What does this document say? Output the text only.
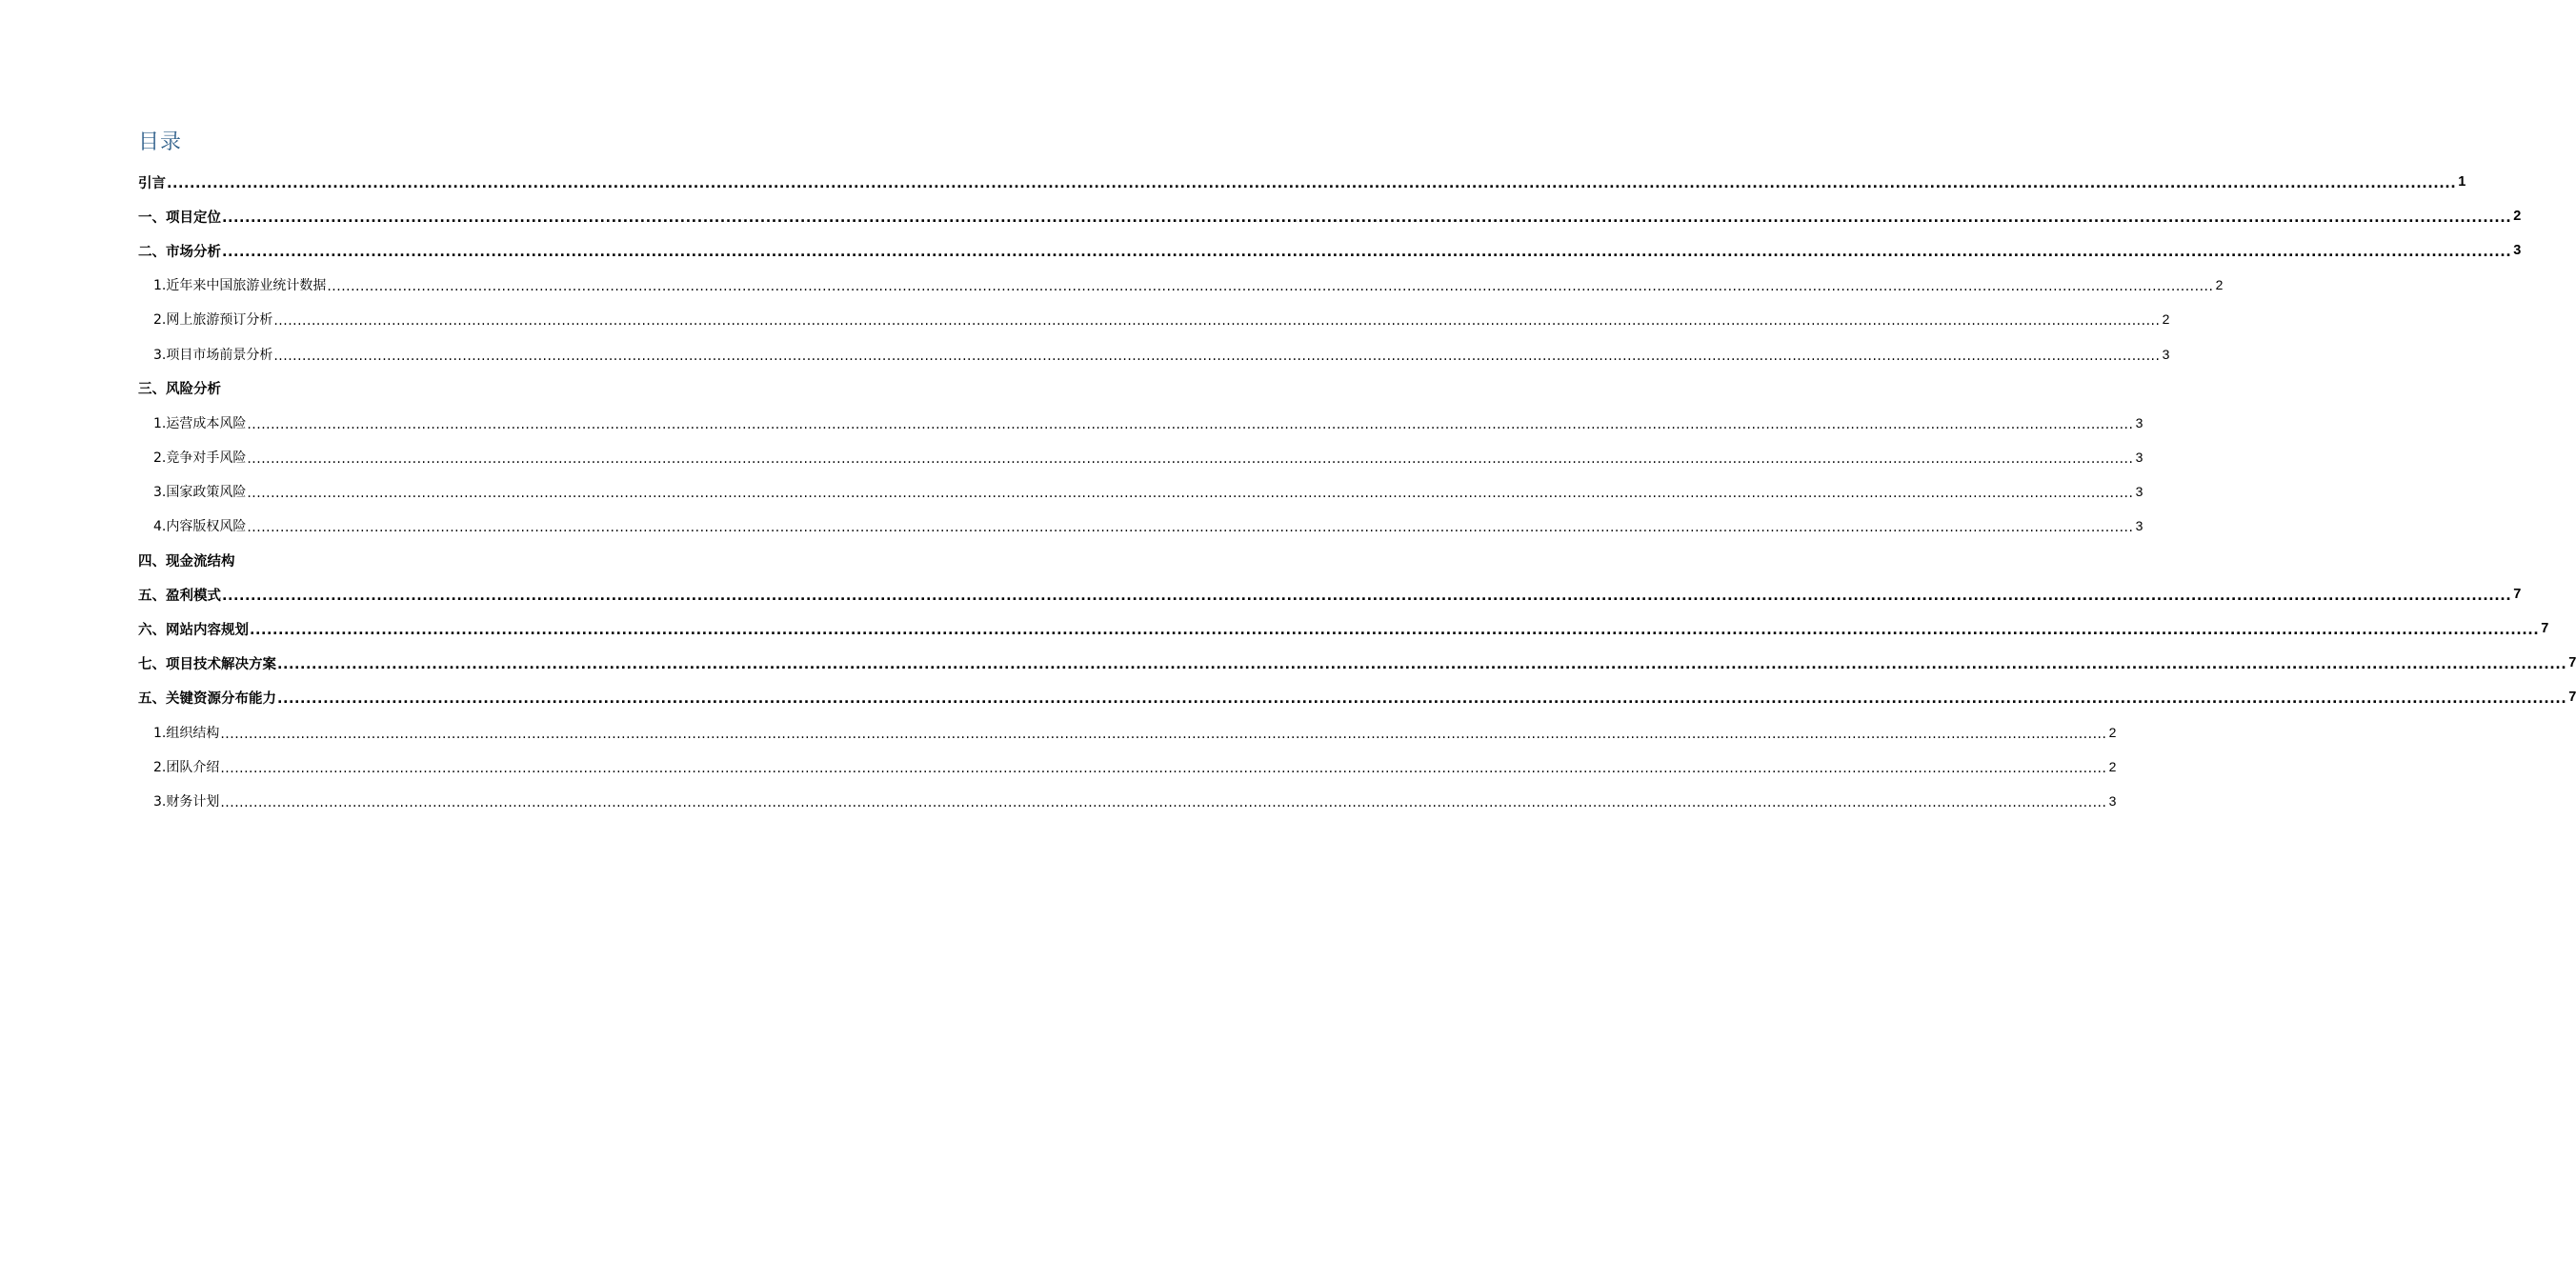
目录
引言 ................................................................................................................................................................................................................................................................................................................................................................................................................ 1
一、项目定位 ................................................................................................................................................................................................................................................................................................................................................................................................................ 2
二、市场分析 ................................................................................................................................................................................................................................................................................................................................................................................................................ 3
1.近年来中国旅游业统计数据 ................................................................................................................................................................................................................................................................................................................................................................................................................ 2
2.网上旅游预订分析 ................................................................................................................................................................................................................................................................................................................................................................................................................ 2
3.项目市场前景分析 ................................................................................................................................................................................................................................................................................................................................................................................................................ 3
三、风险分析
1.运营成本风险 ................................................................................................................................................................................................................................................................................................................................................................................................................ 3
2.竞争对手风险 ................................................................................................................................................................................................................................................................................................................................................................................................................ 3
3.国家政策风险 ................................................................................................................................................................................................................................................................................................................................................................................................................ 3
4.内容版权风险 ................................................................................................................................................................................................................................................................................................................................................................................................................ 3
四、现金流结构
五、盈利模式 ................................................................................................................................................................................................................................................................................................................................................................................................................ 7
六、网站内容规划 ................................................................................................................................................................................................................................................................................................................................................................................................................ 7
七、项目技术解决方案 ................................................................................................................................................................................................................................................................................................................................................................................................................ 7
五、关键资源分布能力 ................................................................................................................................................................................................................................................................................................................................................................................................................ 7
1.组织结构 ................................................................................................................................................................................................................................................................................................................................................................................................................ 2
2.团队介绍 ................................................................................................................................................................................................................................................................................................................................................................................................................ 2
3.财务计划 ................................................................................................................................................................................................................................................................................................................................................................................................................ 3
